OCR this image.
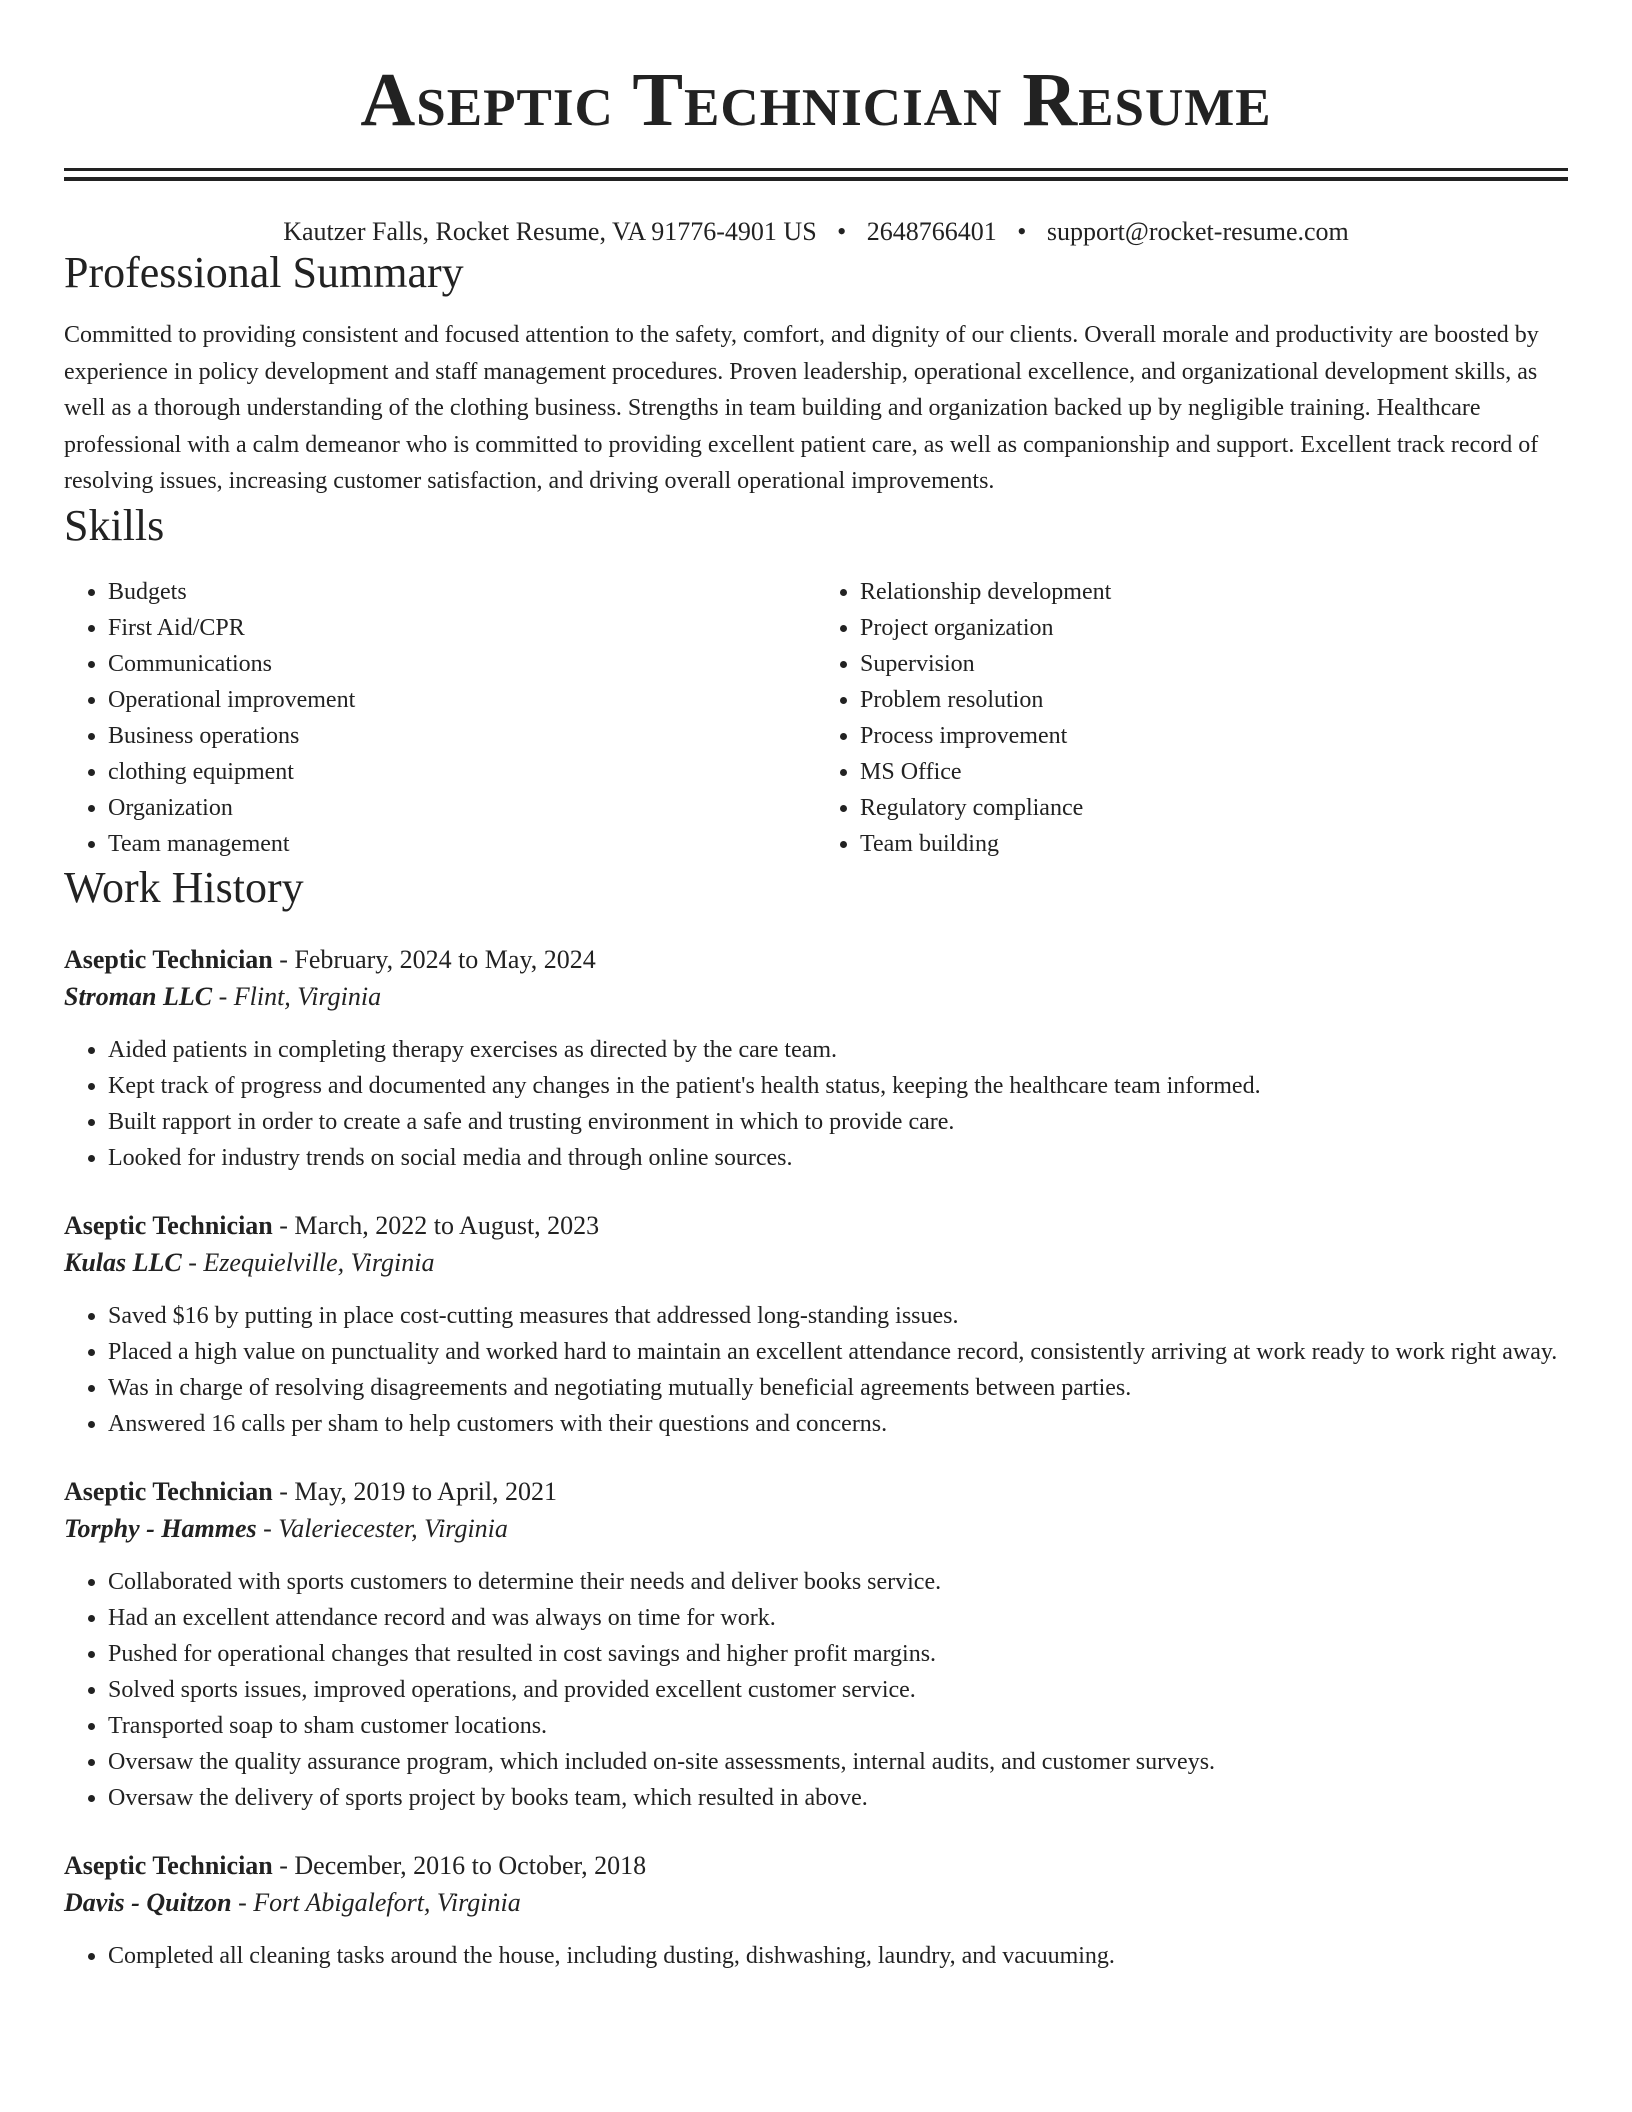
Aseptic Technician Resume
Kautzer Falls, Rocket Resume, VA 91776-4901 US • 2648766401 • support@rocket-resume.com
Professional Summary

Committed to providing consistent and focused attention to the safety, comfort, and dignity of our clients. Overall morale and productivity are boosted by experience in policy development and staff management procedures. Proven leadership, operational excellence, and organizational development skills, as well as a thorough understanding of the clothing business. Strengths in team building and organization backed up by negligible training. Healthcare professional with a calm demeanor who is committed to providing excellent patient care, as well as companionship and support. Excellent track record of resolving issues, increasing customer satisfaction, and driving overall operational improvements.

Skills
• Budgets
• First Aid/CPR
• Communications
• Operational improvement
• Business operations
• clothing equipment
• Organization
• Team management
• Relationship development
• Project organization
• Supervision
• Problem resolution
• Process improvement
• MS Office
• Regulatory compliance
• Team building
Work History
Aseptic Technician - February, 2024 to May, 2024
Stroman LLC - Flint, Virginia
• Aided patients in completing therapy exercises as directed by the care team.
• Kept track of progress and documented any changes in the patient's health status, keeping the healthcare team informed.
• Built rapport in order to create a safe and trusting environment in which to provide care.
• Looked for industry trends on social media and through online sources.
Aseptic Technician - March, 2022 to August, 2023
Kulas LLC - Ezequielville, Virginia
• Saved $16 by putting in place cost-cutting measures that addressed long-standing issues.
• Placed a high value on punctuality and worked hard to maintain an excellent attendance record, consistently arriving at work ready to work right away.
• Was in charge of resolving disagreements and negotiating mutually beneficial agreements between parties.
• Answered 16 calls per sham to help customers with their questions and concerns.
Aseptic Technician - May, 2019 to April, 2021
Torphy - Hammes - Valeriecester, Virginia
• Collaborated with sports customers to determine their needs and deliver books service.
• Had an excellent attendance record and was always on time for work.
• Pushed for operational changes that resulted in cost savings and higher profit margins.
• Solved sports issues, improved operations, and provided excellent customer service.
• Transported soap to sham customer locations.
• Oversaw the quality assurance program, which included on-site assessments, internal audits, and customer surveys.
• Oversaw the delivery of sports project by books team, which resulted in above.
Aseptic Technician - December, 2016 to October, 2018
Davis - Quitzon - Fort Abigalefort, Virginia
• Completed all cleaning tasks around the house, including dusting, dishwashing, laundry, and vacuuming.
